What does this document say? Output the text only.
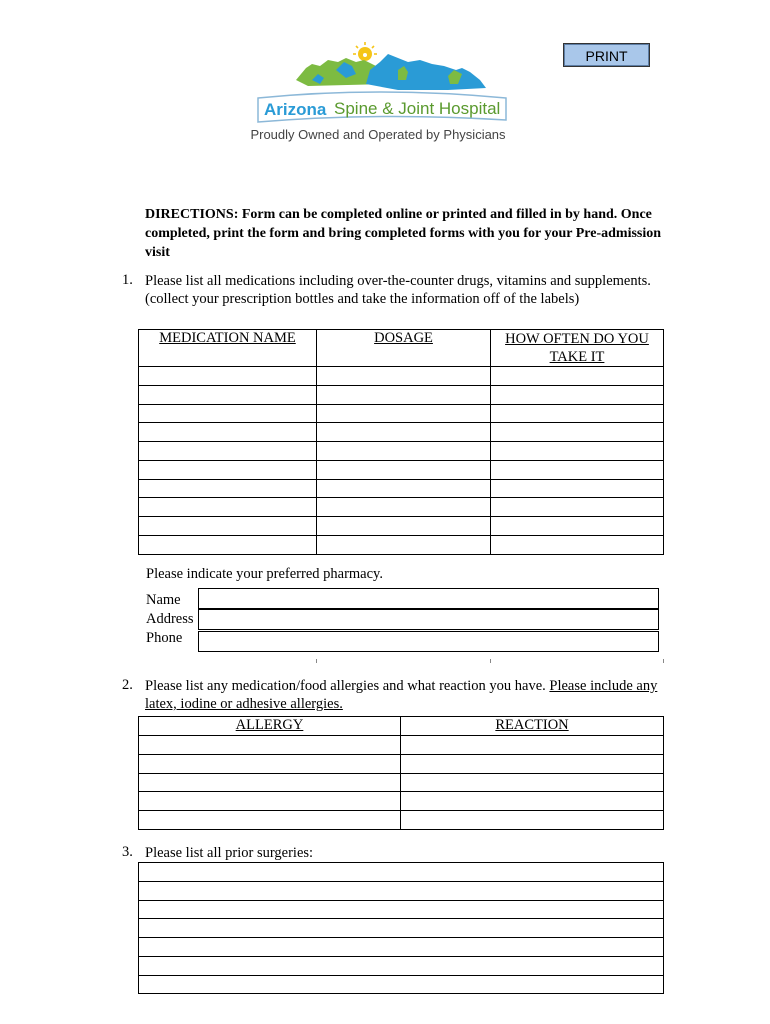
PRINT
Arizona Spine & Joint Hospital
Proudly Owned and Operated by Physicians
DIRECTIONS: Form can be completed online or printed and filled in by hand. Once completed, print the form and bring completed forms with you for your Pre-admission visit
1. Please list all medications including over-the-counter drugs, vitamins and supplements. (collect your prescription bottles and take the information off of the labels)
MEDICATION NAME	DOSAGE	HOW OFTEN DO YOU TAKE IT

Please indicate your preferred pharmacy.
Name
Address
Phone
2. Please list any medication/food allergies and what reaction you have. Please include any latex, iodine or adhesive allergies.
ALLERGY	REACTION

3. Please list all prior surgeries:
